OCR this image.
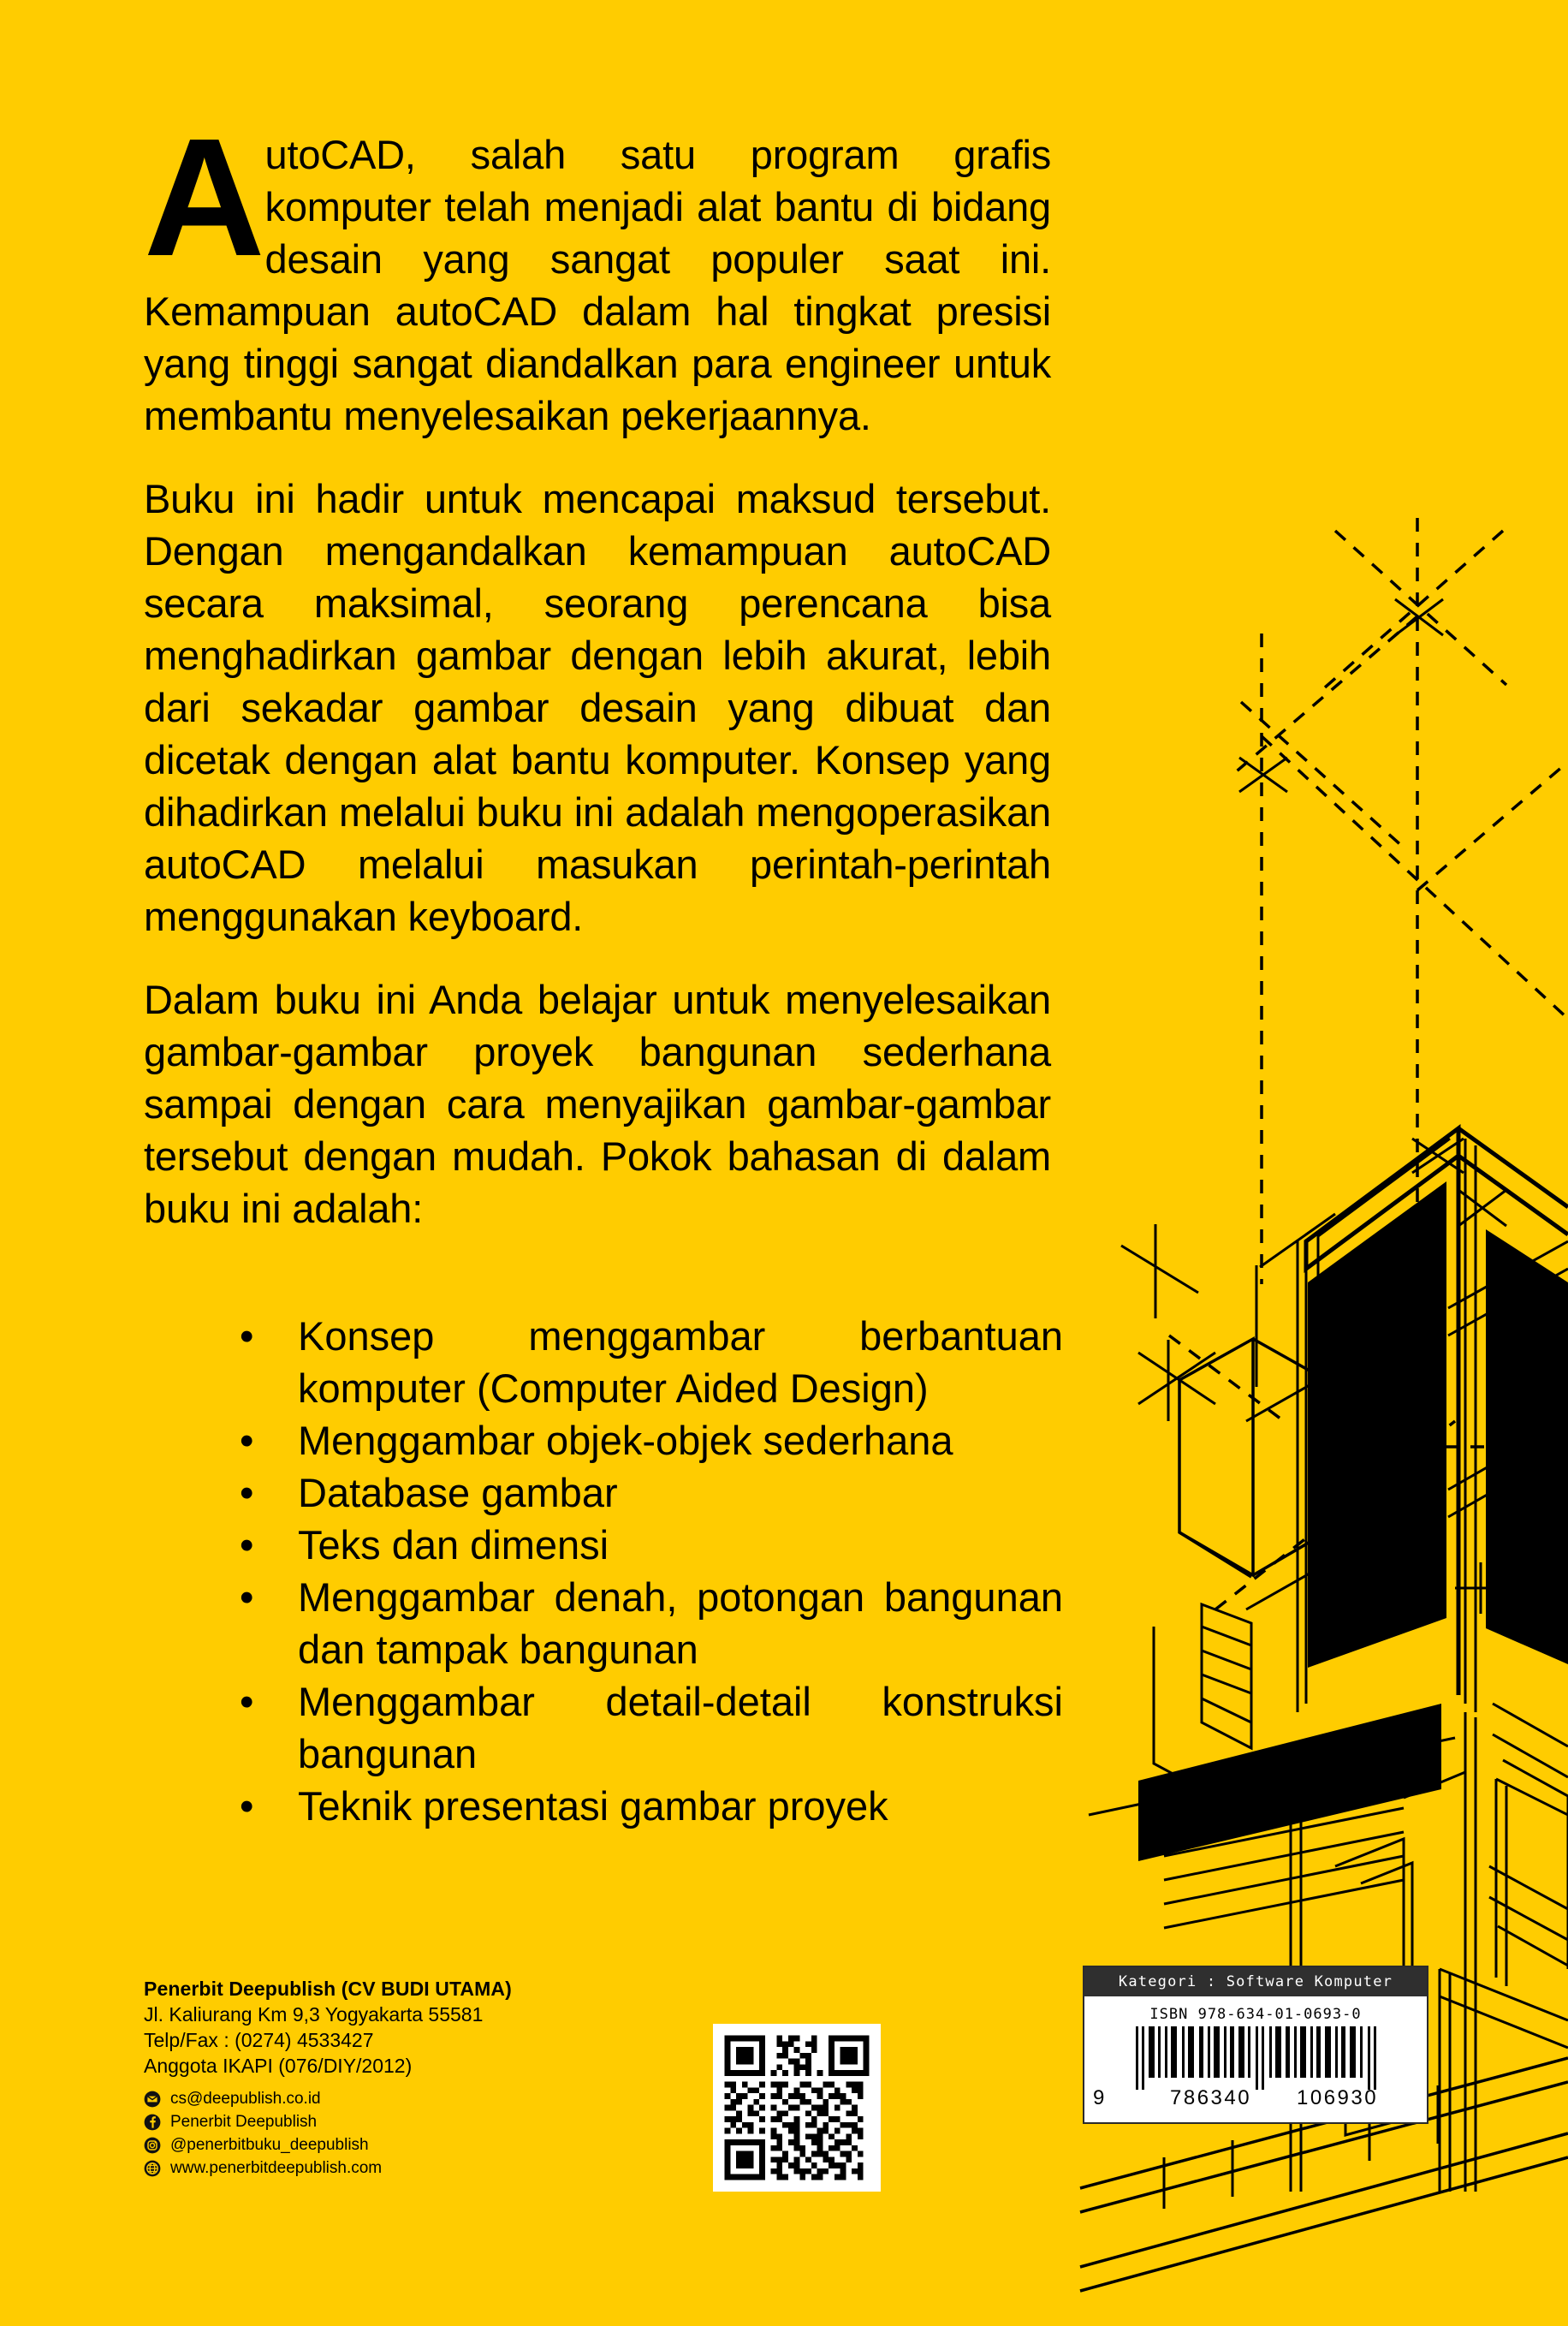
AutoCAD, salah satu program grafis komputer telah menjadi alat bantu di bidang desain yang sangat populer saat ini. Kemampuan autoCAD dalam hal tingkat presisi yang tinggi sangat diandalkan para engineer untuk membantu menyelesaikan pekerjaannya.

Buku ini hadir untuk mencapai maksud tersebut. Dengan mengandalkan kemampuan autoCAD secara maksimal, seorang perencana bisa menghadirkan gambar dengan lebih akurat, lebih dari sekadar gambar desain yang dibuat dan dicetak dengan alat bantu komputer. Konsep yang dihadirkan melalui buku ini adalah mengoperasikan autoCAD melalui masukan perintah-perintah menggunakan keyboard.

Dalam buku ini Anda belajar untuk menyelesaikan gambar-gambar proyek bangunan sederhana sampai dengan cara menyajikan gambar-gambar tersebut dengan mudah. Pokok bahasan di dalam buku ini adalah:

• Konsep menggambar berbantuan komputer (Computer Aided Design)
• Menggambar objek-objek sederhana
• Database gambar
• Teks dan dimensi
• Menggambar denah, potongan bangunan dan tampak bangunan
• Menggambar detail-detail konstruksi bangunan
• Teknik presentasi gambar proyek
Penerbit Deepublish (CV BUDI UTAMA)
Jl. Kaliurang Km 9,3 Yogyakarta 55581
Telp/Fax : (0274) 4533427
Anggota IKAPI (076/DIY/2012)
cs@deepublish.co.id
Penerbit Deepublish
@penerbitbuku_deepublish
www.penerbitdeepublish.com
Kategori : Software Komputer
ISBN 978-634-01-0693-0
9	786340 106930
